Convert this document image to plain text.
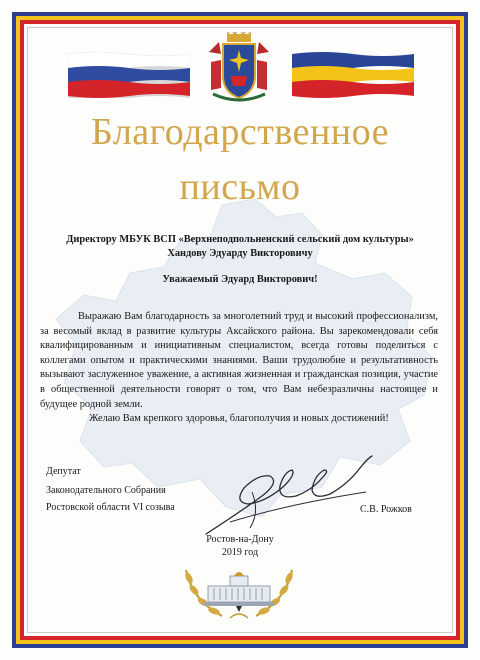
Благодарственное
письмо
Директору МБУК ВСП «Верхнеподпольненский сельский дом культуры»
Хандову Эдуарду Викторовичу
Уважаемый Эдуард Викторович!

Выражаю Вам благодарность за многолетний труд и высокий профессионализм, за весомый вклад в развитие культуры Аксайского района. Вы зарекомендовали себя квалифицированным и инициативным специалистом, всегда готовы поделиться с коллегами опытом и практическими знаниями. Ваши трудолюбие и результативность вызывают заслуженное уважение, а активная жизненная и гражданская позиция, участие в общественной деятельности говорят о том, что Вам небезразличны настоящее и будущее родной земли.

Желаю Вам крепкого здоровья, благополучия и новых достижений!

Депутат
Законодательного Собрания
Ростовской области VI созыва	С.В. Рожков
Ростов-на-Дону
2019 год
